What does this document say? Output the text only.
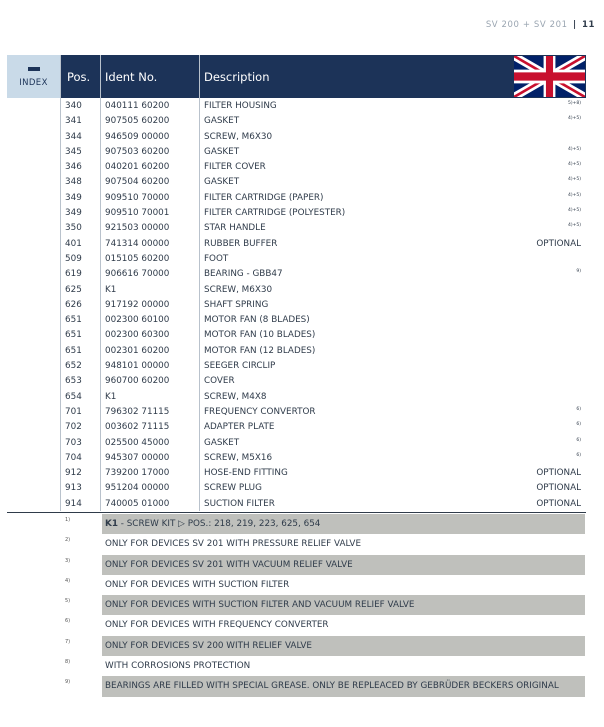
SV 200 + SV 201 | 11
INDEX	Pos. Ident No.	Description
340	040111 60200	FILTER HOUSING	5)+8)
341	907505 60200	GASKET	4)+5)
344	946509 00000	SCREW, M6X30
345	907503 60200	GASKET	4)+5)
346	040201 60200	FILTER COVER	4)+5)
348	907504 60200	GASKET	4)+5)
349	909510 70000	FILTER CARTRIDGE (PAPER)	4)+5)
349	909510 70001	FILTER CARTRIDGE (POLYESTER)	4)+5)
350	921503 00000	STAR HANDLE	4)+5)
401	741314 00000	RUBBER BUFFER	OPTIONAL
509	015105 60200	FOOT
619	906616 70000	BEARING - GBB47	9)
625	K1	SCREW, M6X30
626	917192 00000	SHAFT SPRING
651	002300 60100	MOTOR FAN (8 BLADES)
651	002300 60300	MOTOR FAN (10 BLADES)
651	002301 60200	MOTOR FAN (12 BLADES)
652	948101 00000	SEEGER CIRCLIP
653	960700 60200	COVER
654	K1	SCREW, M4X8
701	796302 71115	FREQUENCY CONVERTOR	6)
702	003602 71115	ADAPTER PLATE	6)
703	025500 45000	GASKET	6)
704	945307 00000	SCREW, M5X16	6)
912	739200 17000	HOSE-END FITTING	OPTIONAL
913	951204 00000	SCREW PLUG	OPTIONAL
914	740005 01000	SUCTION FILTER	OPTIONAL
1)	K1 - SCREW KIT ▷ POS.: 218, 219, 223, 625, 654
2)	ONLY FOR DEVICES SV 201 WITH PRESSURE RELIEF VALVE
3)	ONLY FOR DEVICES SV 201 WITH VACUUM RELIEF VALVE
4)	ONLY FOR DEVICES WITH SUCTION FILTER
5)	ONLY FOR DEVICES WITH SUCTION FILTER AND VACUUM RELIEF VALVE
6)	ONLY FOR DEVICES WITH FREQUENCY CONVERTER
7)	ONLY FOR DEVICES SV 200 WITH RELIEF VALVE
8)	WITH CORROSIONS PROTECTION
9)	BEARINGS ARE FILLED WITH SPECIAL GREASE. ONLY BE REPLEACED BY GEBRÜDER BECKERS ORIGINAL
